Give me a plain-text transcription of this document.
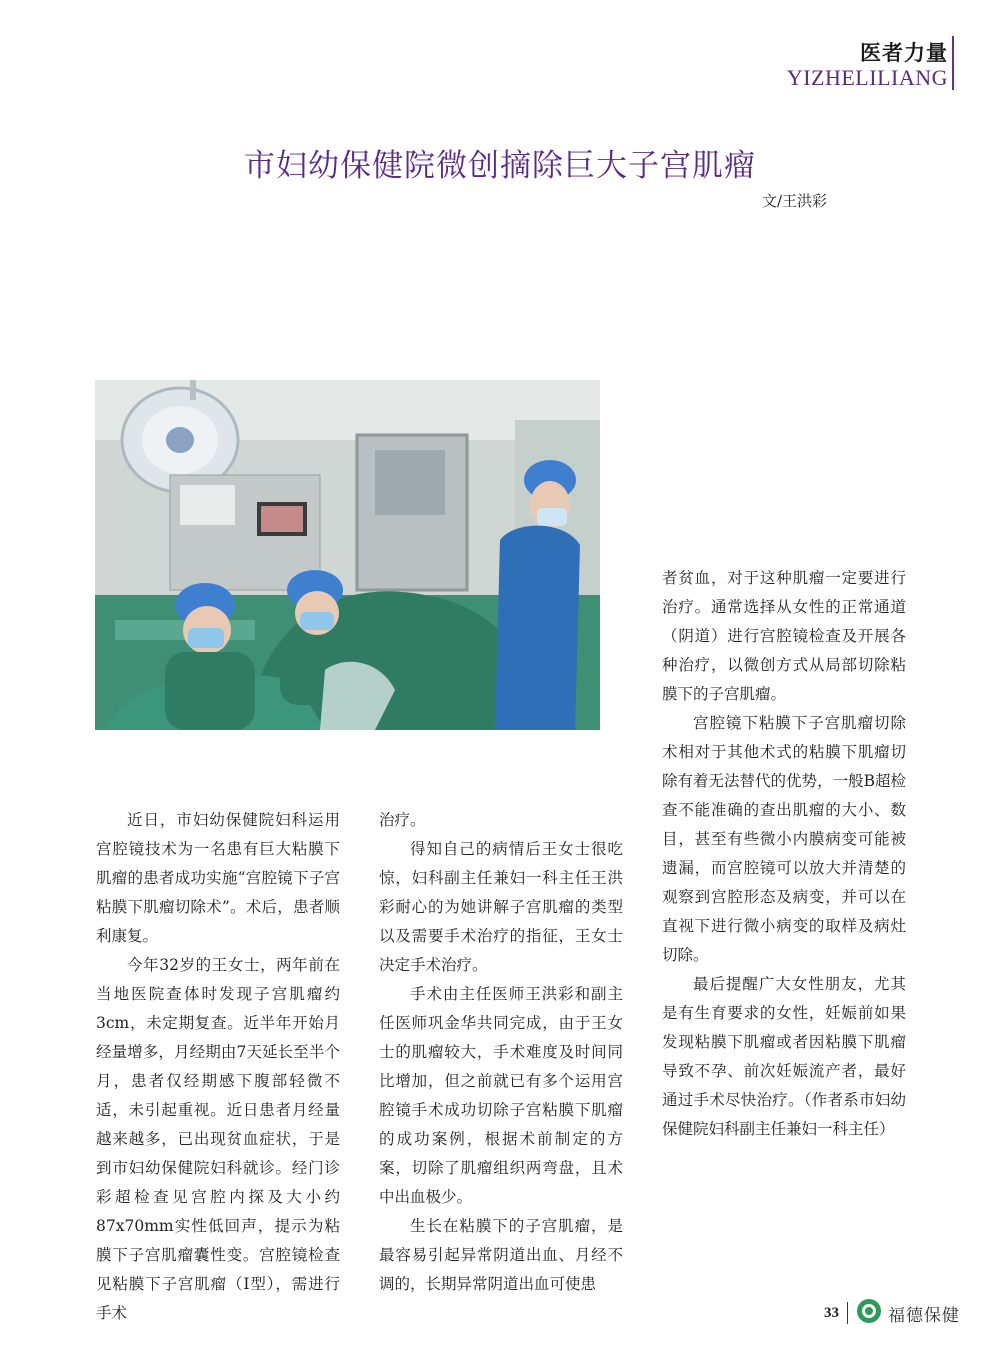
医者力量
YIZHELILIANG
市妇幼保健院微创摘除巨大子宫肌瘤
文/王洪彩

近日，市妇幼保健院妇科运用宫腔镜技术为一名患有巨大粘膜下肌瘤的患者成功实施“宫腔镜下子宫粘膜下肌瘤切除术”。术后，患者顺利康复。

今年32岁的王女士，两年前在当地医院查体时发现子宫肌瘤约3cm，未定期复查。近半年开始月经量增多，月经期由7天延长至半个月，患者仅经期感下腹部轻微不适，未引起重视。近日患者月经量越来越多，已出现贫血症状，于是到市妇幼保健院妇科就诊。经门诊彩超检查见宫腔内探及大小约87x70mm实性低回声，提示为粘膜下子宫肌瘤囊性变。宫腔镜检查见粘膜下子宫肌瘤（I型），需进行手术

治疗。

得知自己的病情后王女士很吃惊，妇科副主任兼妇一科主任王洪彩耐心的为她讲解子宫肌瘤的类型以及需要手术治疗的指征，王女士决定手术治疗。

手术由主任医师王洪彩和副主任医师巩金华共同完成，由于王女士的肌瘤较大，手术难度及时间同比增加，但之前就已有多个运用宫腔镜手术成功切除子宫粘膜下肌瘤的成功案例，根据术前制定的方案，切除了肌瘤组织两弯盘，且术中出血极少。

生长在粘膜下的子宫肌瘤，是最容易引起异常阴道出血、月经不调的，长期异常阴道出血可使患

者贫血，对于这种肌瘤一定要进行治疗。通常选择从女性的正常通道（阴道）进行宫腔镜检查及开展各种治疗，以微创方式从局部切除粘膜下的子宫肌瘤。

宫腔镜下粘膜下子宫肌瘤切除术相对于其他术式的粘膜下肌瘤切除有着无法替代的优势，一般B超检查不能准确的查出肌瘤的大小、数目，甚至有些微小内膜病变可能被遗漏，而宫腔镜可以放大并清楚的观察到宫腔形态及病变，并可以在直视下进行微小病变的取样及病灶切除。

最后提醒广大女性朋友，尤其是有生育要求的女性，妊娠前如果发现粘膜下肌瘤或者因粘膜下肌瘤导致不孕、前次妊娠流产者，最好通过手术尽快治疗。（作者系市妇幼保健院妇科副主任兼妇一科主任）

33	福德保健
